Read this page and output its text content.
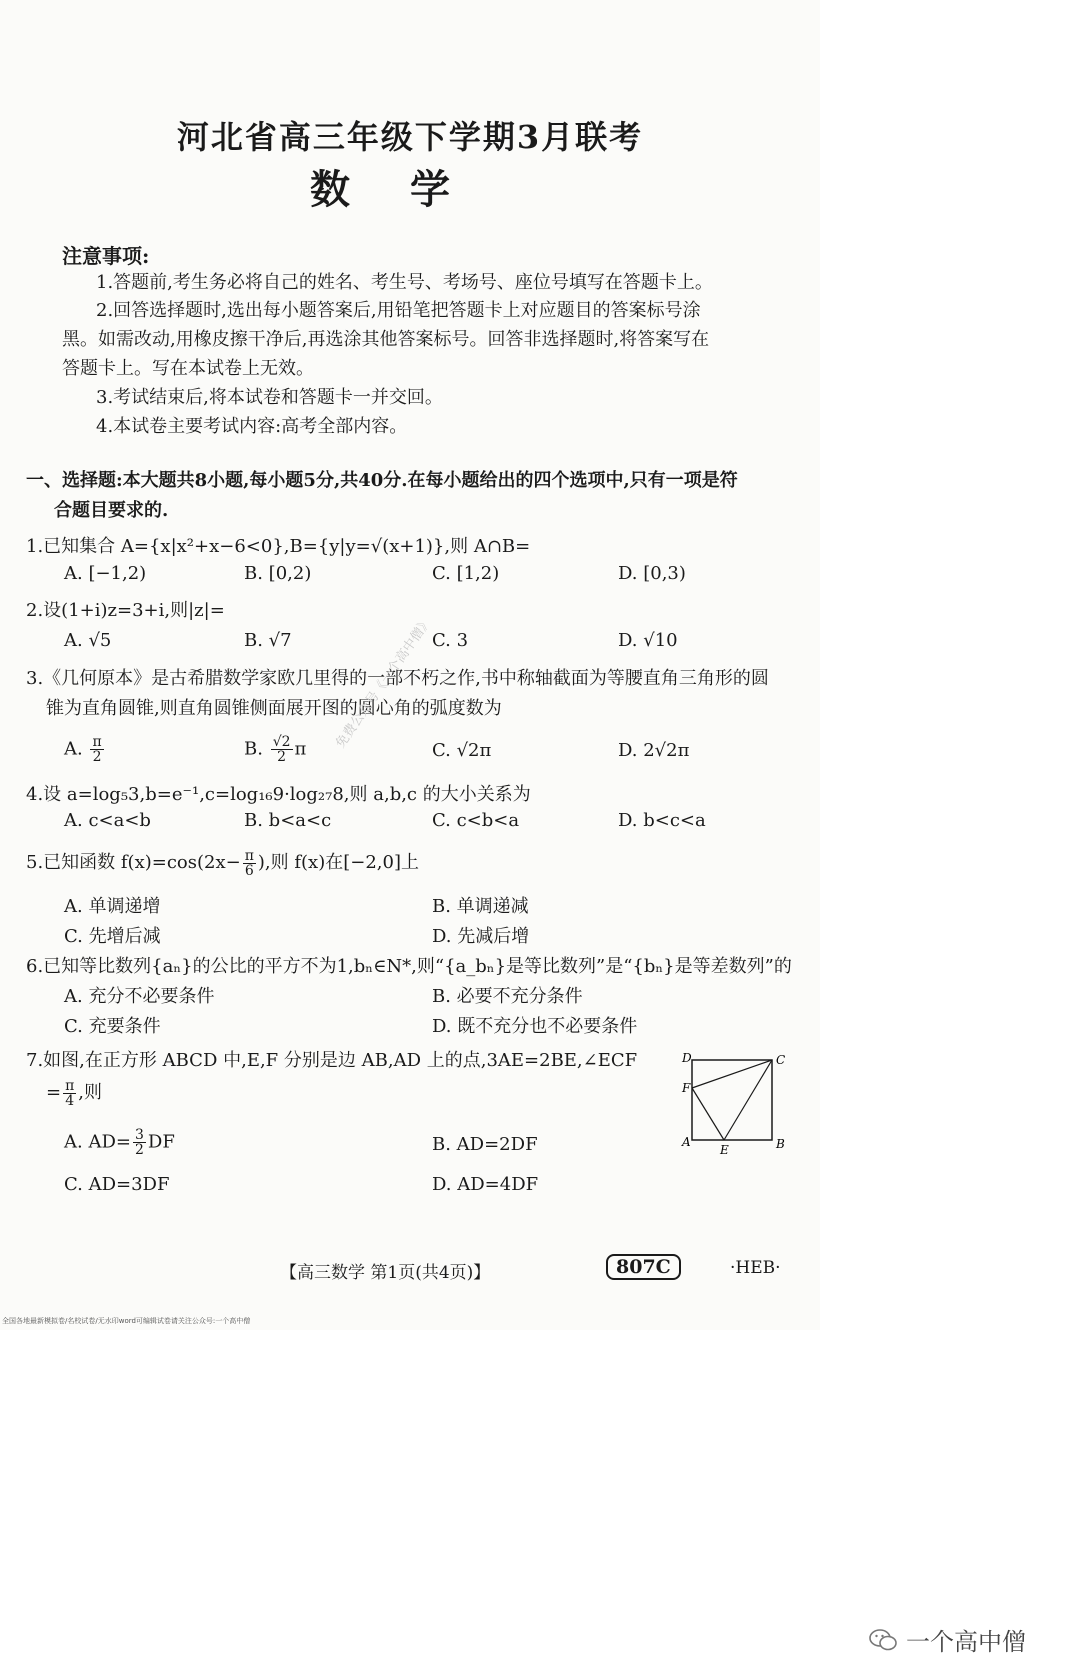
河北省高三年级下学期3月联考
数学
注意事项:
1.答题前,考生务必将自己的姓名、考生号、考场号、座位号填写在答题卡上。
2.回答选择题时,选出每小题答案后,用铅笔把答题卡上对应题目的答案标号涂
黑。如需改动,用橡皮擦干净后,再选涂其他答案标号。回答非选择题时,将答案写在
答题卡上。写在本试卷上无效。
3.考试结束后,将本试卷和答题卡一并交回。
4.本试卷主要考试内容:高考全部内容。
一、选择题:本大题共8小题,每小题5分,共40分.在每小题给出的四个选项中,只有一项是符
合题目要求的.
1.已知集合 A={x|x²+x−6<0},B={y|y=√(x+1)},则 A∩B=
A. [−1,2)	B. [0,2)	C. [1,2)	D. [0,3)
2.设(1+i)z=3+i,则|z|=
A. √5	B. √7	C. 3	D. √10
3.《几何原本》是古希腊数学家欧几里得的一部不朽之作,书中称轴截面为等腰直角三角形的圆
锥为直角圆锥,则直角圆锥侧面展开图的圆心角的弧度数为
A. $\frac{\pi}{2}$	B. $\frac{√2}{2}$ π	C. √2π	D. 2√2π
4.设 a=log₅3,b=e⁻¹,c=log₁₆9·log₂₇8,则 a,b,c 的大小关系为
A. c<a<b	B. b<a<c	C. c<b<a	D. b<c<a
5.已知函数 $f(x)=\cos(2x- \frac{\pi}{6}$ ),则 f(x)在[−2,0]上
A. 单调递增	B. 单调递减
C. 先增后减	D. 先减后增
6.已知等比数列{aₙ}的公比的平方不为1,bₙ∈N*,则“{a_bₙ}是等比数列”是“{bₙ}是等差数列”的
A. 充分不必要条件	B. 必要不充分条件
C. 充要条件	D. 既不充分也不必要条件
7.如图,在正方形 ABCD 中,E,F 分别是边 AB,AD 上的点,3AE=2BE,∠ECF
= $\frac{\pi}{4}$ ,则
A. $AD= \frac{3}{2}$ DF	B. AD=2DF
C. AD=3DF	D. AD=4DF
D	C
F
A
E	B
免费公众号《一个高中僧》
【高三数学 第1页(共4页)】	807C	·HEB·
全国各地最新模拟卷/名校试卷/无水印word可编辑试卷请关注公众号:一个高中僧
一个高中僧
